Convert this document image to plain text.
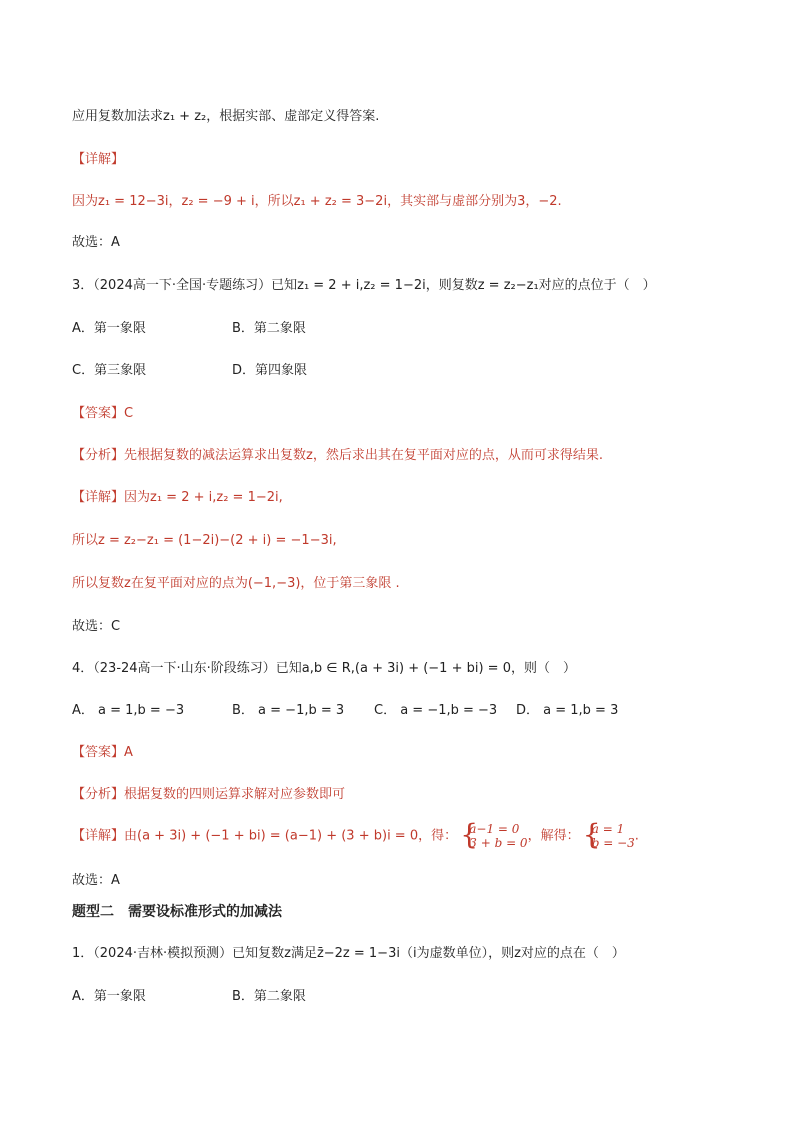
应用复数加法求z₁ + z₂，根据实部、虚部定义得答案.
【详解】
因为z₁ = 12−3i，z₂ = −9 + i，所以z₁ + z₂ = 3−2i，其实部与虚部分别为3，−2.
故选：A
3．（2024高一下·全国·专题练习）已知z₁ = 2 + i,z₂ = 1−2i，则复数z = z₂−z₁对应的点位于（　）
A．第一象限	B．第二象限
C．第三象限	D．第四象限
【答案】C
【分析】先根据复数的减法运算求出复数z，然后求出其在复平面对应的点，从而可求得结果.
【详解】因为z₁ = 2 + i,z₂ = 1−2i,
所以z = z₂−z₁ = (1−2i)−(2 + i) = −1−3i,
所以复数z在复平面对应的点为(−1,−3)，位于第三象限 .
故选：C
4．（23-24高一下·山东·阶段练习）已知a,b ∈ R,(a + 3i) + (−1 + bi) = 0，则（　）
A． a = 1,b = −3	B． a = −1,b = 3 C． a = −1,b = −3 D． a = 1,b = 3
【答案】A
【分析】根据复数的四则运算求解对应参数即可
【详解】由(a + 3i) + (−1 + bi) = (a−1) + (3 + b)i = 0，得： { a−1 = 0
3 + b = 0 ，解得： { a = 1
b = −3 .
故选：A
题型二　需要设标准形式的加减法
1．（2024·吉林·模拟预测）已知复数z满足z̄−2z = 1−3i（i为虚数单位），则z对应的点在（　）
A．第一象限	B．第二象限
